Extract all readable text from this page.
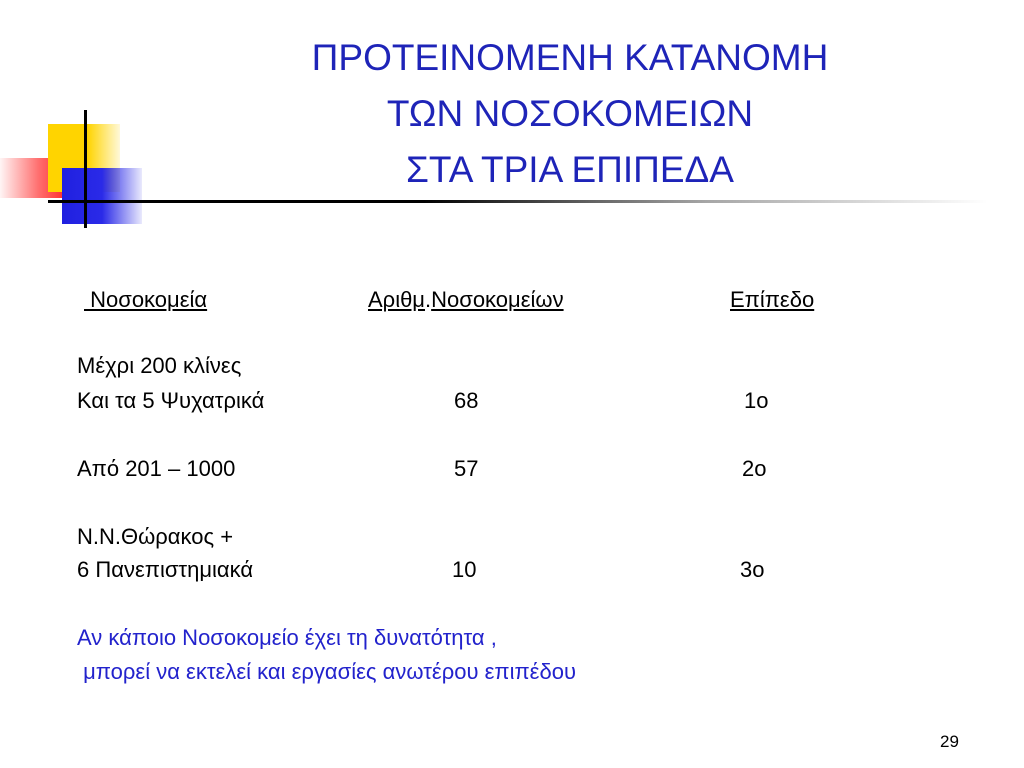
ΠΡΟΤΕΙΝΟΜΕΝΗ ΚΑΤΑΝΟΜΗ
ΤΩΝ ΝΟΣΟΚΟΜΕΙΩΝ
ΣΤΑ ΤΡΙΑ ΕΠΙΠΕΔΑ
Νοσοκομεία	Αριθμ.Νοσοκομείων	Επίπεδο
Μέχρι 200 κλίνες
Και τα 5 Ψυχατρικά	68	1ο
Από 201 – 1000	57	2ο
Ν.Ν.Θώρακος +
6 Πανεπιστημιακά	10	3ο
Αν κάποιο Νοσοκομείο έχει τη δυνατότητα ,
μπορεί να εκτελεί και εργασίες ανωτέρου επιπέδου
29
